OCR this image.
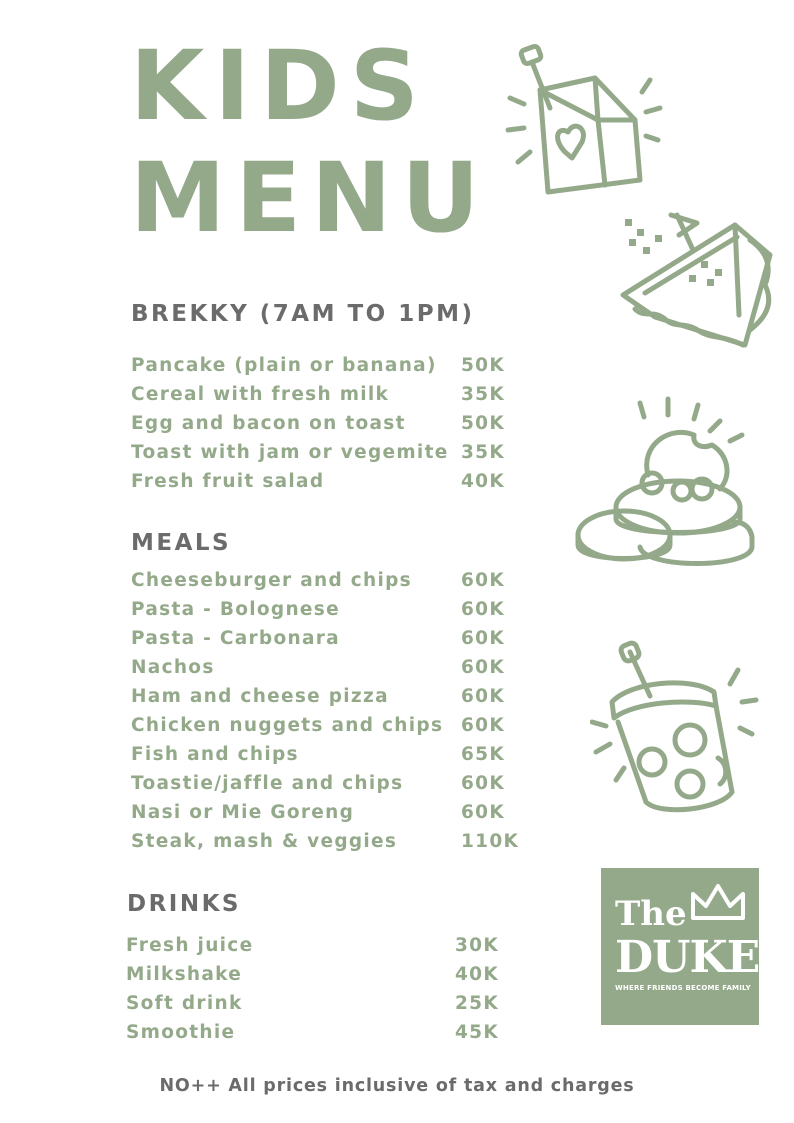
KIDS
MENU
BREKKY (7AM TO 1PM)
Pancake (plain or banana) 50K
Cereal with fresh milk	35K
Egg and bacon on toast	50K
Toast with jam or vegemite 35K
Fresh fruit salad	40K
MEALS
Cheeseburger and chips	60K
Pasta - Bolognese	60K
Pasta - Carbonara	60K
Nachos	60K
Ham and cheese pizza	60K
Chicken nuggets and chips 60K
Fish and chips	65K
Toastie/jaffle and chips	60K
Nasi or Mie Goreng	60K
Steak, mash & veggies	110K
DRINKS
Fresh juice	30K
Milkshake	40K
Soft drink	25K
Smoothie	45K
The
DUKE
WHERE FRIENDS BECOME FAMILY

NO++ All prices inclusive of tax and charges
